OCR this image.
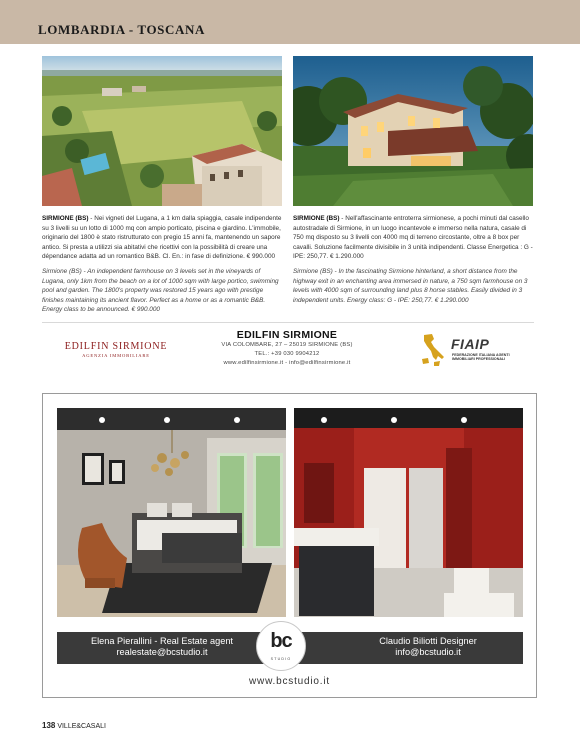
LOMBARDIA - TOSCANA

SIRMIONE (BS) - Nei vigneti del Lugana, a 1 km dalla spiaggia, casale indipendente su 3 livelli su un lotto di 1000 mq con ampio porticato, piscina e giardino. L'immobile, originario del 1800 è stato ristrutturato con pregio 15 anni fa, mantenendo un sapore antico. Si presta a utilizzi sia abitativi che ricettivi con la possibilità di creare una dépendance adatta ad un romantico B&B. Cl. En.: in fase di definizione. € 990.000

Sirmione (BS) - An independent farmhouse on 3 levels set in the vineyards of Lugana, only 1km from the beach on a lot of 1000 sqm with large portico, swimming pool and garden. The 1800's property was restored 15 years ago with prestige finishes maintaining its ancient flavor. Perfect as a home or as a romantic B&B. Energy class to be announced. € 990.000

SIRMIONE (BS) - Nell'affascinante entroterra sirmionese, a pochi minuti dal casello autostradale di Sirmione, in un luogo incantevole e immerso nella natura, casale di 750 mq disposto su 3 livelli con 4000 mq di terreno circostante, oltre a 8 box per cavalli. Soluzione facilmente divisibile in 3 unità indipendenti. Classe Energetica : G - IPE: 250,77. € 1.290.000

Sirmione (BS) - In the fascinating Sirmione hinterland, a short distance from the highway exit in an enchanting area immersed in nature, a 750 sqm farmhouse on 3 levels with 4000 sqm of surrounding land plus 8 horse stables. Easily divided in 3 independent units. Energy class: G - IPE: 250,77. € 1.290.000

EDILFIN SIRMIONE
AGENZIA IMMOBILIARE
EDILFIN SIRMIONE
VIA COLOMBARE, 27 – 25019 SIRMIONE (BS)
TEL.: +39 030 9904212
www.edilfinsirmione.it - info@edilfinsirmione.it
FIAIP
FEDERAZIONE ITALIANA AGENTI IMMOBILIARI PROFESSIONALI
Elena Pierallini - Real Estate agent
realestate@bcstudio.it
Claudio Biliotti Designer
info@bcstudio.it
bc
STUDIO
www.bcstudio.it
138 VILLE&CASALI
